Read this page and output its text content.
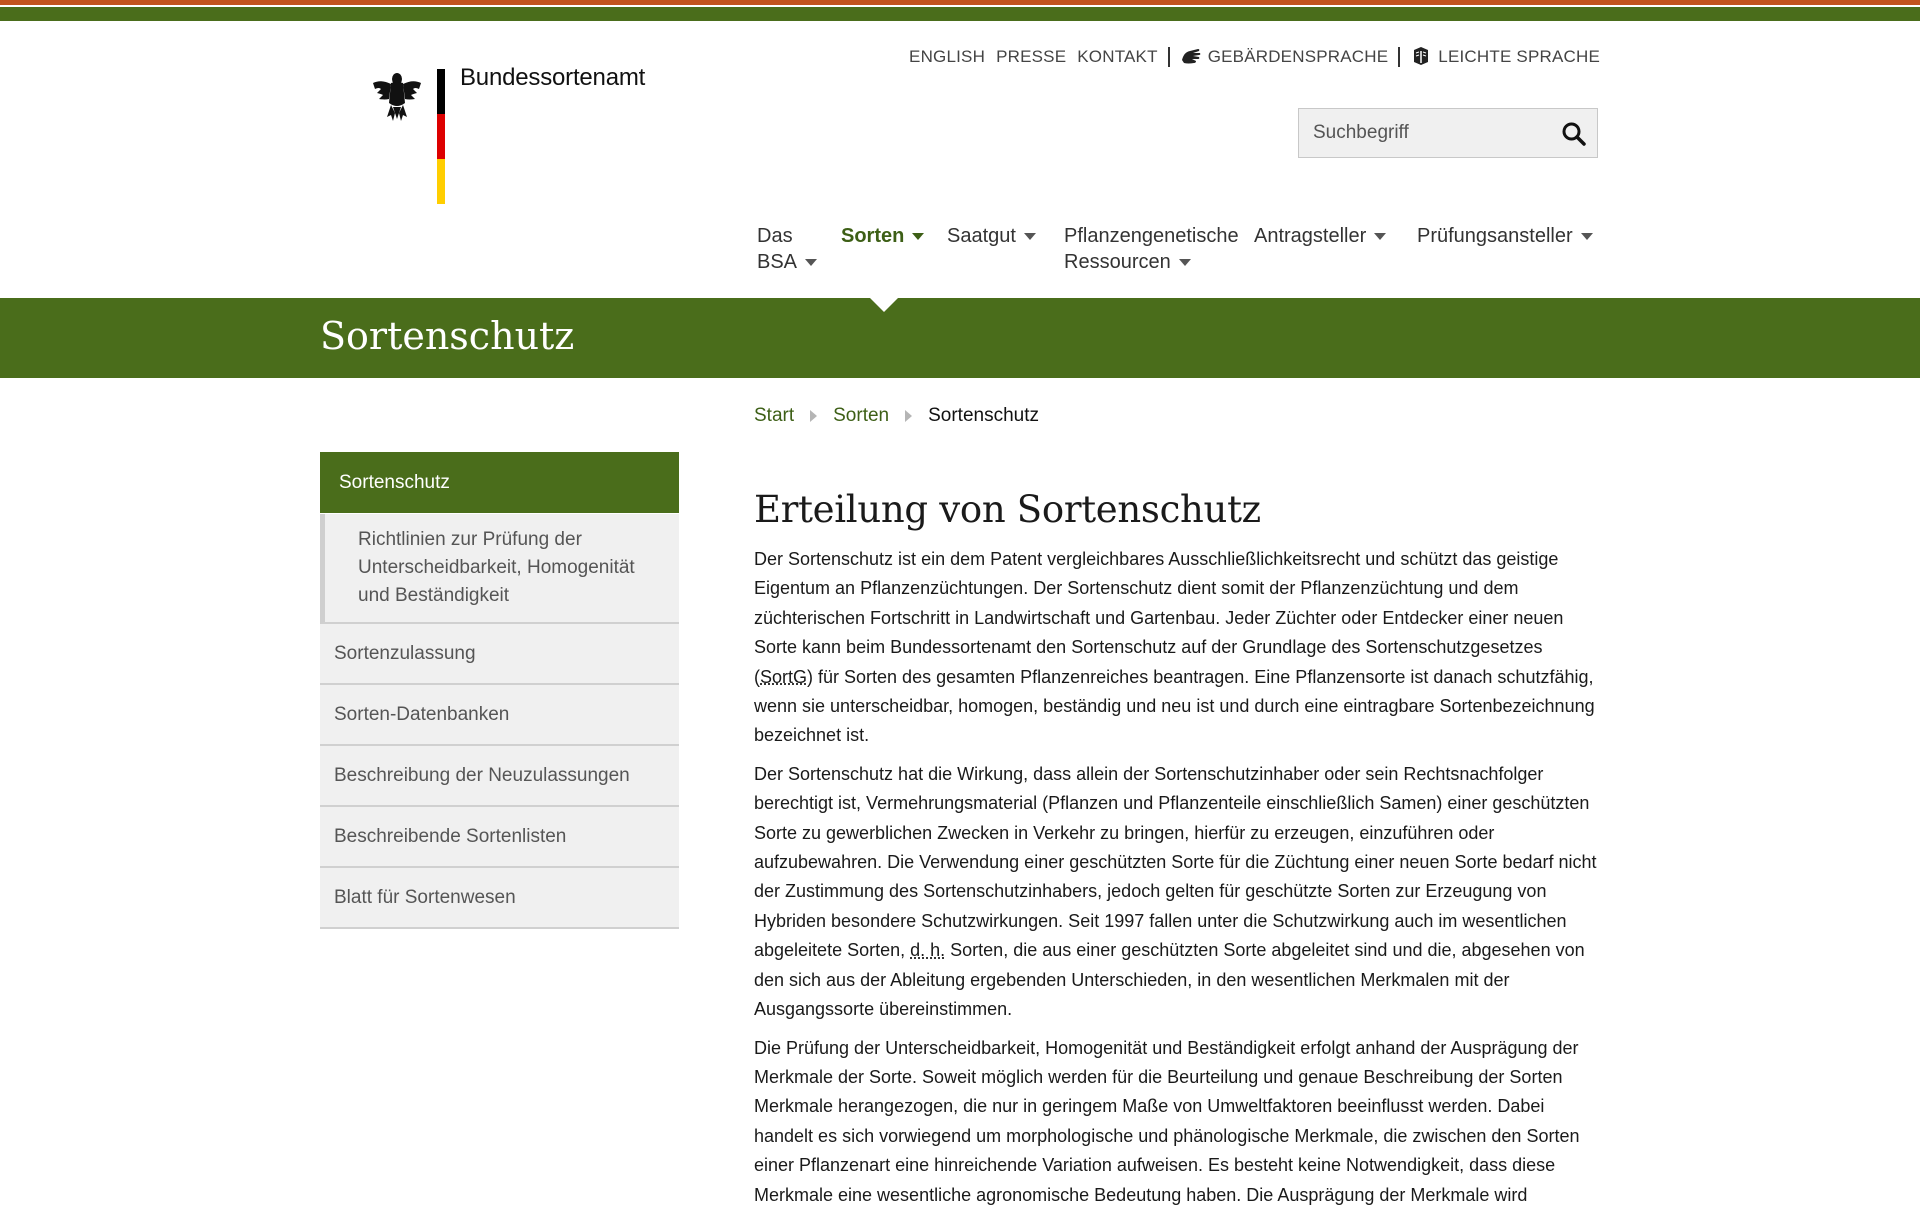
Bundessortenamt
ENGLISH PRESSE KONTAKT	GEBÄRDENSPRACHE	LEICHTE SPRACHE
Suchbegriff
Das
BSA
Sorten	Saatgut	Pflanzengenetische
Ressourcen
Antragsteller	Prüfungsansteller
Sortenschutz
Start Sorten Sortenschutz
Sortenschutz
Richtlinien zur Prüfung der Unterscheidbarkeit, Homogenität und Beständigkeit
Sortenzulassung
Sorten-Datenbanken
Beschreibung der Neuzulassungen
Beschreibende Sortenlisten
Blatt für Sortenwesen
Erteilung von Sortenschutz

Der Sortenschutz ist ein dem Patent vergleichbares Ausschließlichkeitsrecht und schützt das geistige Eigentum an Pflanzenzüchtungen. Der Sortenschutz dient somit der Pflanzenzüchtung und dem züchterischen Fortschritt in Landwirtschaft und Gartenbau. Jeder Züchter oder Entdecker einer neuen Sorte kann beim Bundessortenamt den Sortenschutz auf der Grundlage des Sortenschutzgesetzes (SortG) für Sorten des gesamten Pflanzenreiches beantragen. Eine Pflanzensorte ist danach schutzfähig, wenn sie unterscheidbar, homogen, beständig und neu ist und durch eine eintragbare Sortenbezeichnung bezeichnet ist.

Der Sortenschutz hat die Wirkung, dass allein der Sortenschutzinhaber oder sein Rechtsnachfolger berechtigt ist, Vermehrungsmaterial (Pflanzen und Pflanzenteile einschließlich Samen) einer geschützten Sorte zu gewerblichen Zwecken in Verkehr zu bringen, hierfür zu erzeugen, einzuführen oder aufzubewahren. Die Verwendung einer geschützten Sorte für die Züchtung einer neuen Sorte bedarf nicht der Zustimmung des Sortenschutzinhabers, jedoch gelten für geschützte Sorten zur Erzeugung von Hybriden besondere Schutzwirkungen. Seit 1997 fallen unter die Schutzwirkung auch im wesentlichen abgeleitete Sorten, d. h. Sorten, die aus einer geschützten Sorte abgeleitet sind und die, abgesehen von den sich aus der Ableitung ergebenden Unterschieden, in den wesentlichen Merkmalen mit der Ausgangssorte übereinstimmen.

Die Prüfung der Unterscheidbarkeit, Homogenität und Beständigkeit erfolgt anhand der Ausprägung der Merkmale der Sorte. Soweit möglich werden für die Beurteilung und genaue Beschreibung der Sorten Merkmale herangezogen, die nur in geringem Maße von Umweltfaktoren beeinflusst werden. Dabei handelt es sich vorwiegend um morphologische und phänologische Merkmale, die zwischen den Sorten einer Pflanzenart eine hinreichende Variation aufweisen. Es besteht keine Notwendigkeit, dass diese Merkmale eine wesentliche agronomische Bedeutung haben. Die Ausprägung der Merkmale wird
